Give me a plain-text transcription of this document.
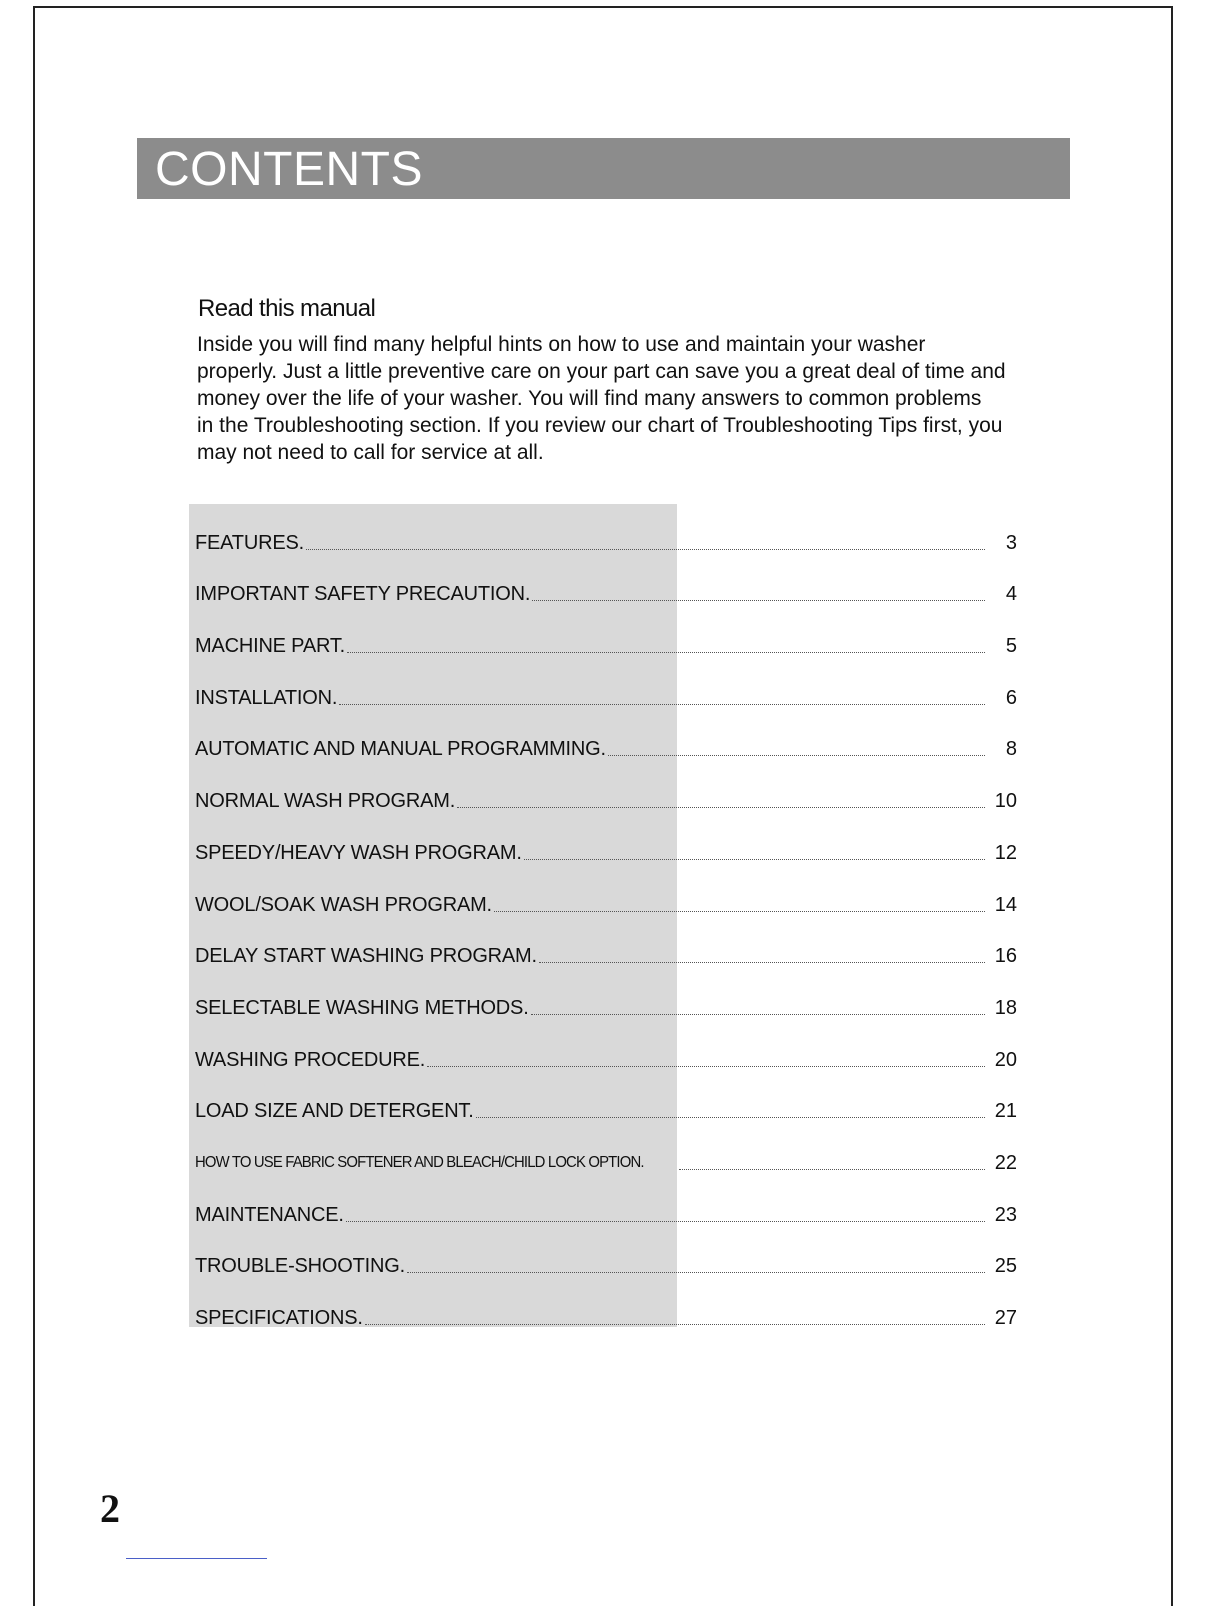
CONTENTS
Read this manual

Inside you will find many helpful hints on how to use and maintain your washer
properly. Just a little preventive care on your part can save you a great deal of time and
money over the life of your washer. You will find many answers to common problems
in the Troubleshooting section. If you review our chart of Troubleshooting Tips first, you
may not need to call for service at all.

FEATURES.	3
IMPORTANT SAFETY PRECAUTION.	4
MACHINE PART.	5
INSTALLATION.	6
AUTOMATIC AND MANUAL PROGRAMMING.	8
NORMAL WASH PROGRAM.	10
SPEEDY/HEAVY WASH PROGRAM.	12
WOOL/SOAK WASH PROGRAM.	14
DELAY START WASHING PROGRAM.	16
SELECTABLE WASHING METHODS.	18
WASHING PROCEDURE.	20
LOAD SIZE AND DETERGENT.	21
HOW TO USE FABRIC SOFTENER AND BLEACH/CHILD LOCK OPTION.	22
MAINTENANCE.	23
TROUBLE-SHOOTING.	25
SPECIFICATIONS.	27
2
